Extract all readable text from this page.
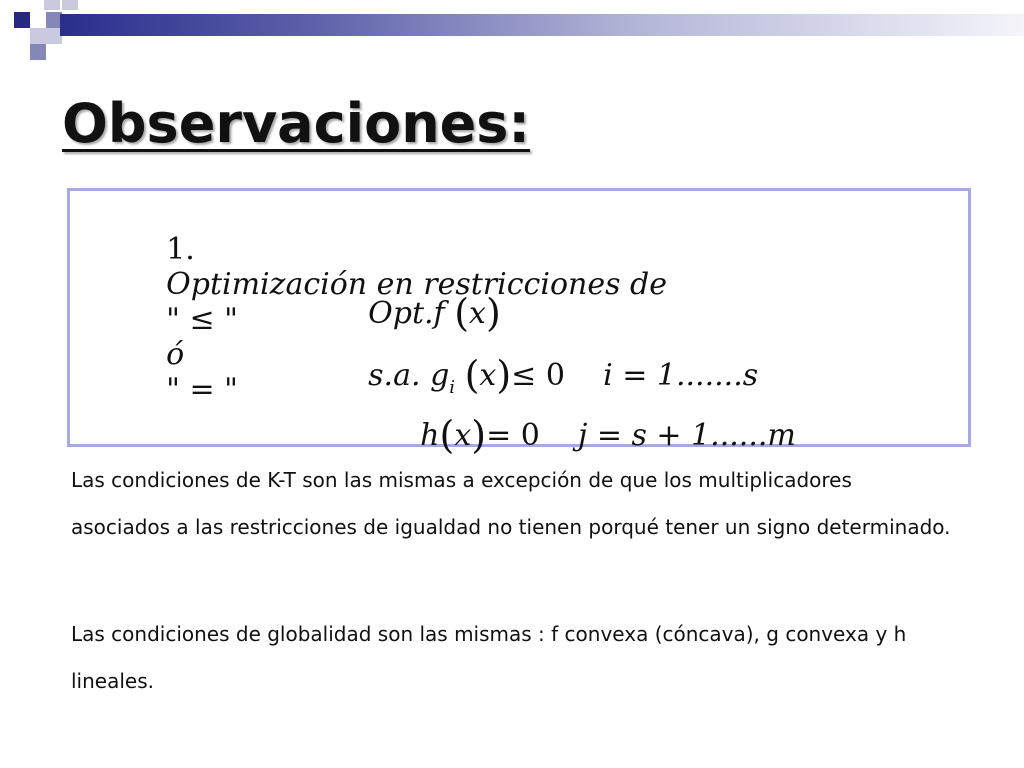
Observaciones:

1.
Optimización en restricciones de
" ≤ "
ó
" = "

Opt.f (x)

s.a. $g_i$ (x)≤ 0 i = 1.......s

h(x)= 0 j = s + 1......m

Las condiciones de K-T son las mismas a excepción de que los multiplicadores asociados a las restricciones de igualdad no tienen porqué tener un signo determinado.

Las condiciones de globalidad son las mismas : f convexa (cóncava), g convexa y h lineales.
